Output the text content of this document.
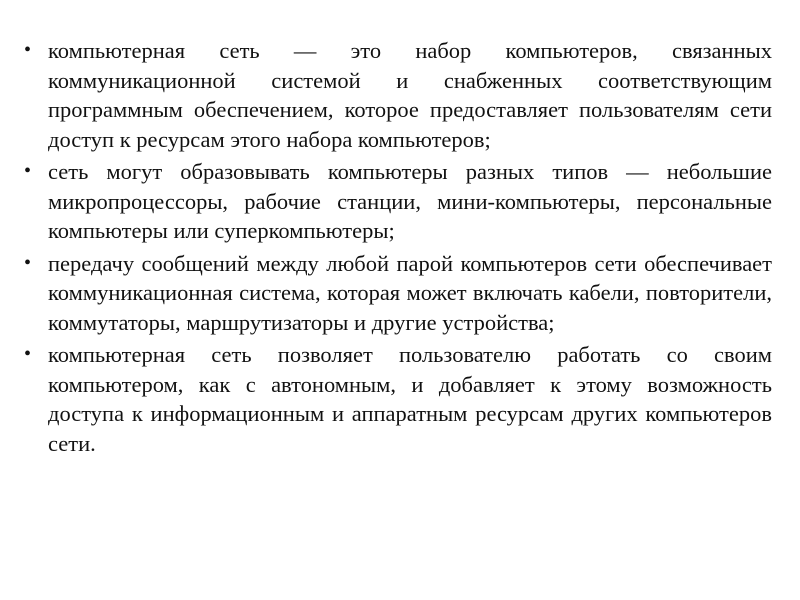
• компьютерная сеть — это набор компьютеров, связанных коммуникационной системой и снабженных соответствующим программным обеспечением, которое предоставляет пользователям сети доступ к ресурсам этого набора компьютеров;
• сеть могут образовывать компьютеры разных типов — небольшие микропроцессоры, рабочие станции, мини-компьютеры, персональные компьютеры или суперкомпьютеры;
• передачу сообщений между любой парой компьютеров сети обеспечивает коммуникационная система, которая может включать кабели, повторители, коммутаторы, маршрутизаторы и другие устройства;
• компьютерная сеть позволяет пользователю работать со своим компьютером, как с автономным, и добавляет к этому возможность доступа к информационным и аппаратным ресурсам других компьютеров сети.
